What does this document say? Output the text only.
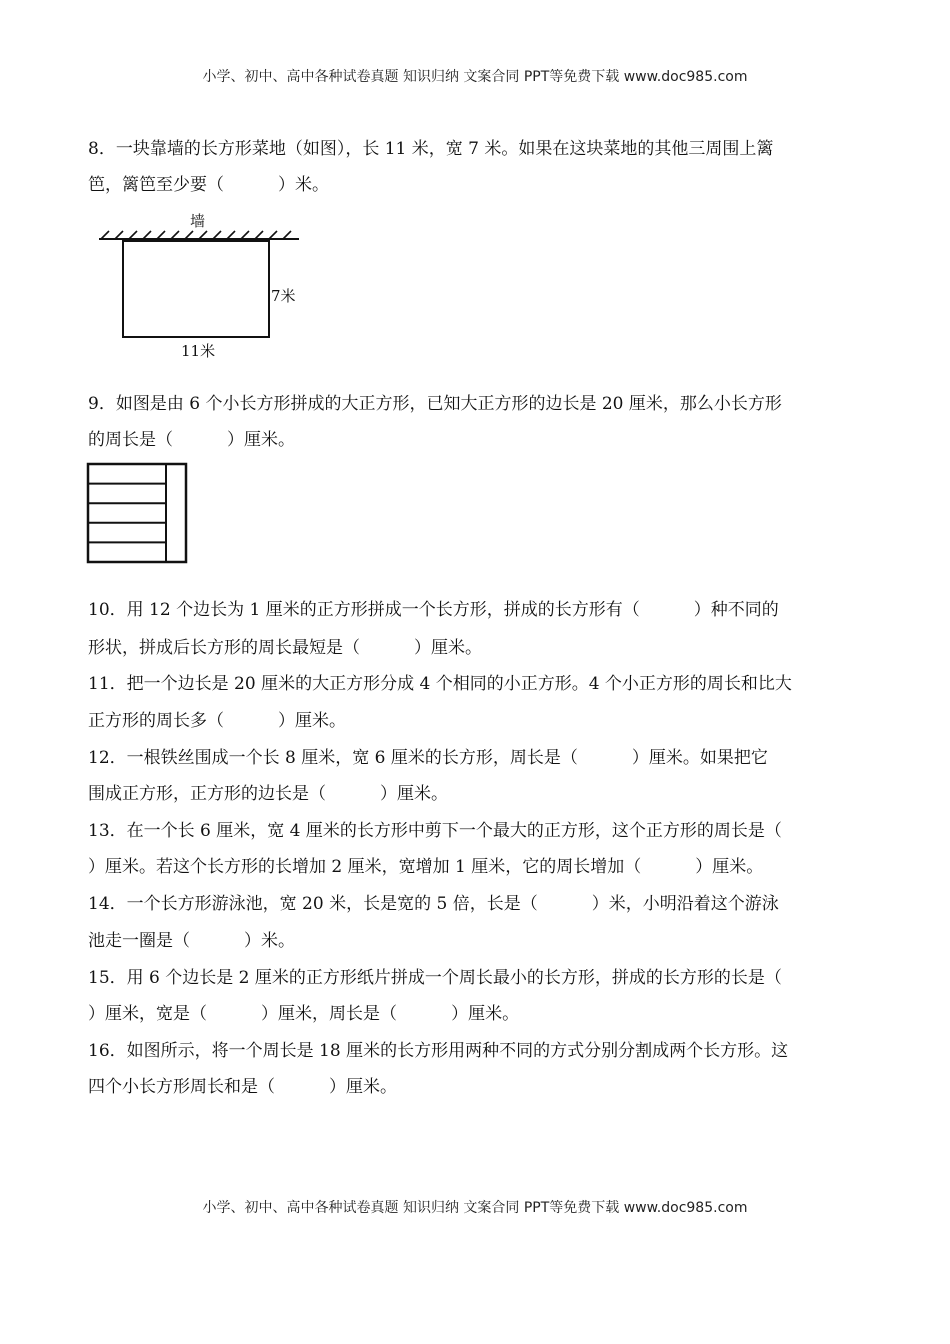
小学、初中、高中各种试卷真题 知识归纳 文案合同 PPT等免费下载 www.doc985.com
8．一块靠墙的长方形菜地（如图），长 11 米，宽 7 米。如果在这块菜地的其他三周围上篱
笆，篱笆至少要（          ）米。
墙
7米
11米
9．如图是由 6 个小长方形拼成的大正方形，已知大正方形的边长是 20 厘米，那么小长方形
的周长是（          ）厘米。
10．用 12 个边长为 1 厘米的正方形拼成一个长方形，拼成的长方形有（          ）种不同的
形状，拼成后长方形的周长最短是（          ）厘米。
11．把一个边长是 20 厘米的大正方形分成 4 个相同的小正方形。4 个小正方形的周长和比大
正方形的周长多（          ）厘米。
12．一根铁丝围成一个长 8 厘米，宽 6 厘米的长方形，周长是（          ）厘米。如果把它
围成正方形，正方形的边长是（          ）厘米。
13．在一个长 6 厘米，宽 4 厘米的长方形中剪下一个最大的正方形，这个正方形的周长是（
）厘米。若这个长方形的长增加 2 厘米，宽增加 1 厘米，它的周长增加（          ）厘米。
14．一个长方形游泳池，宽 20 米，长是宽的 5 倍，长是（          ）米，小明沿着这个游泳
池走一圈是（          ）米。
15．用 6 个边长是 2 厘米的正方形纸片拼成一个周长最小的长方形，拼成的长方形的长是（
）厘米，宽是（          ）厘米，周长是（          ）厘米。
16．如图所示，将一个周长是 18 厘米的长方形用两种不同的方式分别分割成两个长方形。这
四个小长方形周长和是（          ）厘米。
小学、初中、高中各种试卷真题 知识归纳 文案合同 PPT等免费下载 www.doc985.com
